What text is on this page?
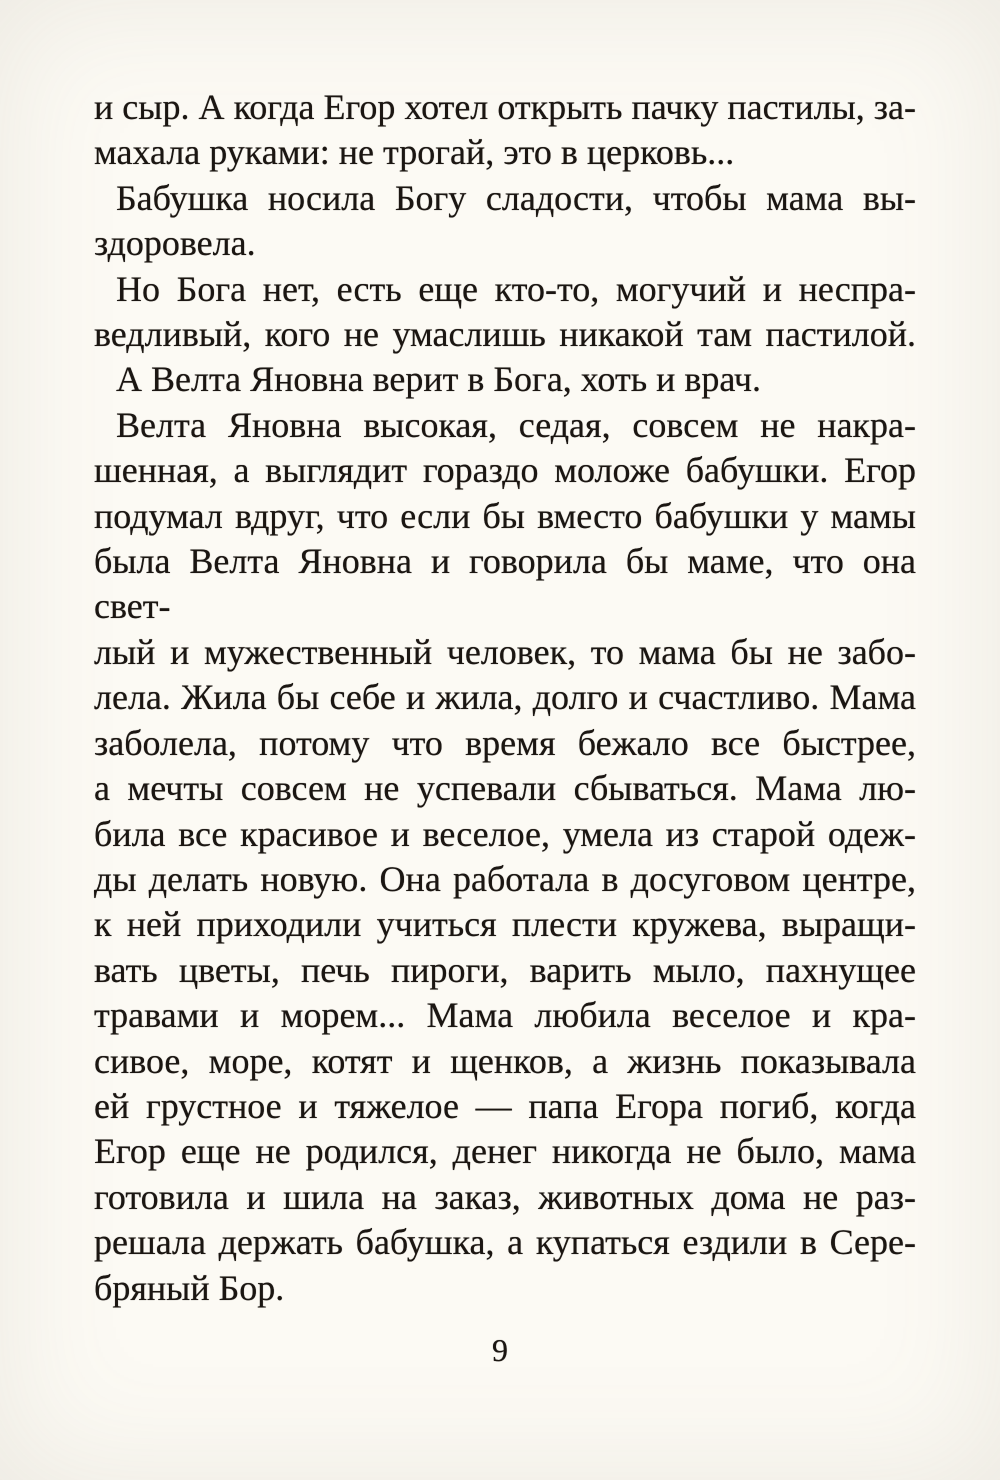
и сыр. А когда Егор хотел открыть пачку пастилы, за-
махала руками: не трогай, это в церковь...
Бабушка носила Богу сладости, чтобы мама вы-
здоровела.
Но Бога нет, есть еще кто-то, могучий и неспра-
ведливый, кого не умаслишь никакой там пастилой.
А Велта Яновна верит в Бога, хоть и врач.
Велта Яновна высокая, седая, совсем не накра-
шенная, а выглядит гораздо моложе бабушки. Егор
подумал вдруг, что если бы вместо бабушки у мамы
была Велта Яновна и говорила бы маме, что она свет-
лый и мужественный человек, то мама бы не забо-
лела. Жила бы себе и жила, долго и счастливо. Мама
заболела, потому что время бежало все быстрее,
а мечты совсем не успевали сбываться. Мама лю-
била все красивое и веселое, умела из старой одеж-
ды делать новую. Она работала в досуговом центре,
к ней приходили учиться плести кружева, выращи-
вать цветы, печь пироги, варить мыло, пахнущее
травами и морем... Мама любила веселое и кра-
сивое, море, котят и щенков, а жизнь показывала
ей грустное и тяжелое — папа Егора погиб, когда
Егор еще не родился, денег никогда не было, мама
готовила и шила на заказ, животных дома не раз-
решала держать бабушка, а купаться ездили в Сере-
бряный Бор.
9
